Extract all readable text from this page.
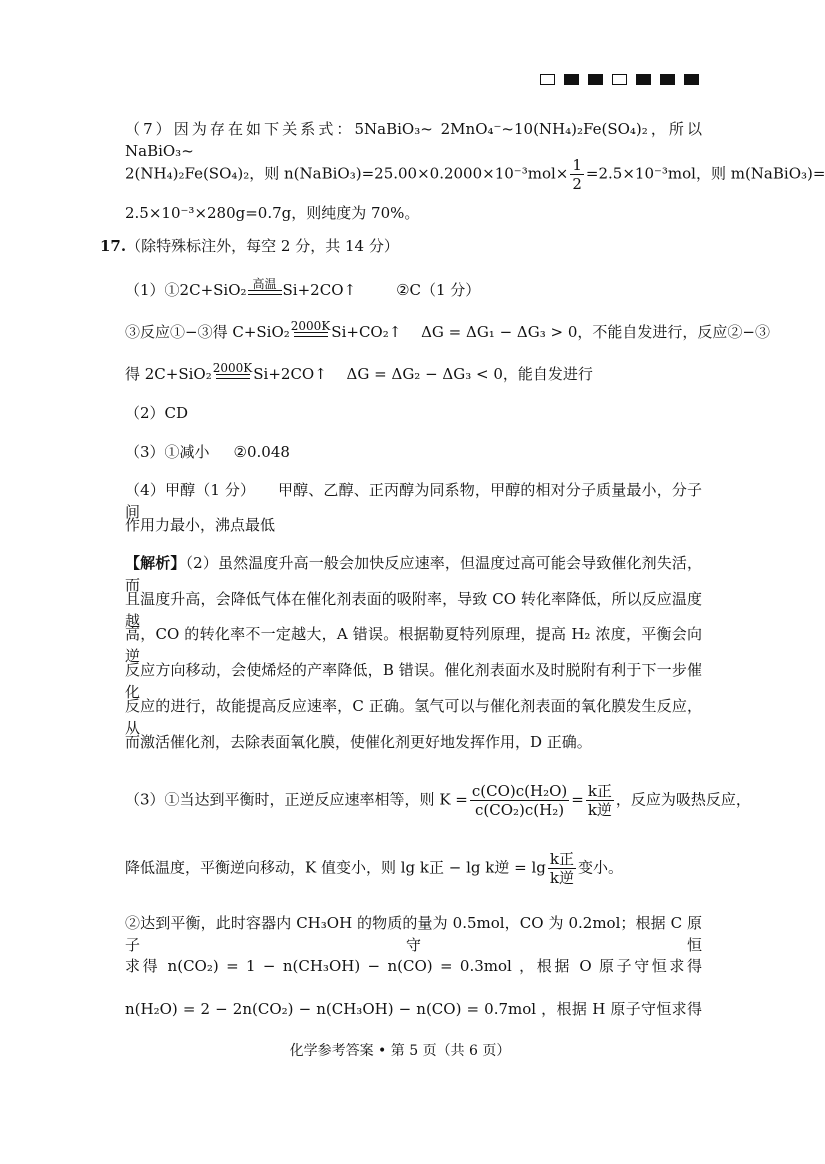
（7）因为存在如下关系式：5NaBiO₃~ 2MnO₄⁻~10(NH₄)₂Fe(SO₄)₂，所以 NaBiO₃~
2(NH₄)₂Fe(SO₄)₂，则 n(NaBiO₃)=25.00×0.2000×10⁻³mol× $\frac{1}{2} =2.5\times 10^{-3}mol$，则 m(NaBiO₃)=
2.5×10⁻³×280g=0.7g，则纯度为 70%。
17.（除特殊标注外，每空 2 分，共 14 分）
（1）①2C+SiO₂ 高温 Si+2CO↑	②C（1 分）
③反应①−③得 C+SiO₂ 2000K Si+CO₂↑　 ΔG = ΔG₁ − ΔG₃ > 0，不能自发进行，反应②−③
得 2C+SiO₂ 2000K Si+2CO↑　 ΔG = ΔG₂ − ΔG₃ < 0，能自发进行
（2）CD
（3）①减小 ②0.048
（4）甲醇（1 分）　　甲醇、乙醇、正丙醇为同系物，甲醇的相对分子质量最小，分子间
作用力最小，沸点最低
【解析】（2）虽然温度升高一般会加快反应速率，但温度过高可能会导致催化剂失活，而
且温度升高，会降低气体在催化剂表面的吸附率，导致 CO 转化率降低，所以反应温度越
高，CO 的转化率不一定越大，A 错误。根据勒夏特列原理，提高 H₂ 浓度，平衡会向逆
反应方向移动，会使烯烃的产率降低，B 错误。催化剂表面水及时脱附有利于下一步催化
反应的进行，故能提高反应速率，C 正确。氢气可以与催化剂表面的氧化膜发生反应，从
而激活催化剂，去除表面氧化膜，使催化剂更好地发挥作用，D 正确。
（3）①当达到平衡时，正逆反应速率相等，则 $K = \frac{\text{c(CO)c(H₂O)}}{\text{c(CO₂)c(H₂)}} = \frac{\text{k正}}{\text{k逆}}$ ，反应为吸热反应，
降低温度，平衡逆向移动，K 值变小，则 lg k正 − lg k逆 = $\lg \frac{\text{k正}}{\text{k逆}}$ 变小。
②达到平衡，此时容器内 CH₃OH 的物质的量为 0.5mol，CO 为 0.2mol；根据 C 原子守恒
求得 n(CO₂) = 1 − n(CH₃OH) − n(CO) = 0.3mol ，根据 O 原子守恒求得
n(H₂O) = 2 − 2n(CO₂) − n(CH₃OH) − n(CO) = 0.7mol ，根据 H 原子守恒求得
化学参考答案 • 第 5 页（共 6 页）
